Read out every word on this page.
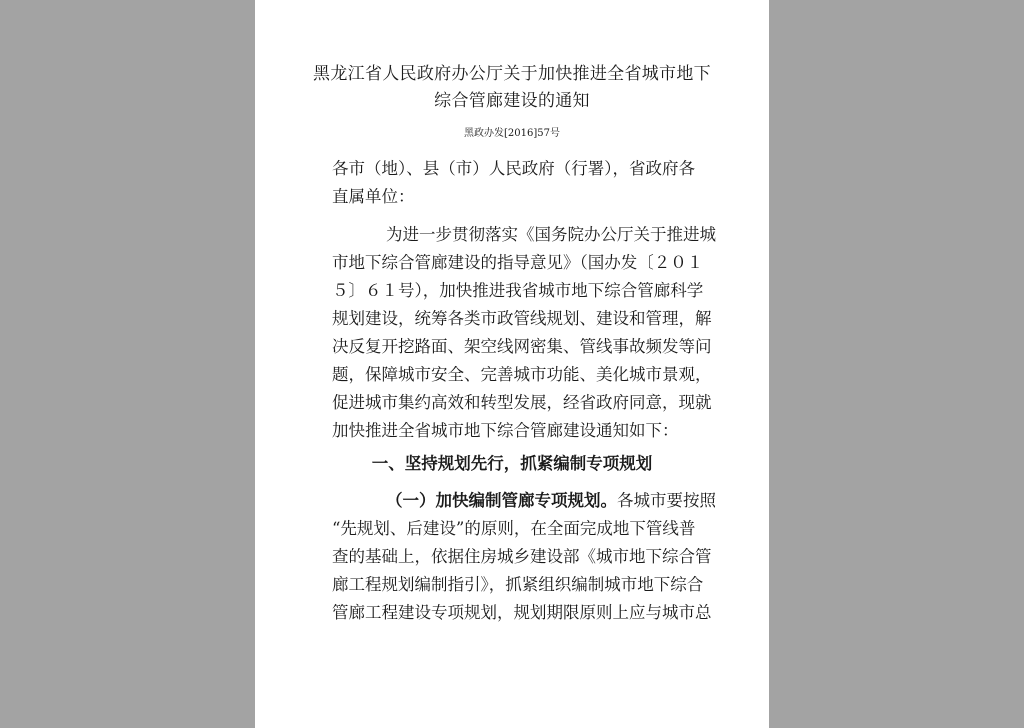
黑龙江省人民政府办公厅关于加快推进全省城市地下
综合管廊建设的通知
黑政办发[2016]57号
各市（地）、县（市）人民政府（行署），省政府各
直属单位：
为进一步贯彻落实《国务院办公厅关于推进城
市地下综合管廊建设的指导意见》（国办发〔２０１
５〕６１号），加快推进我省城市地下综合管廊科学
规划建设，统筹各类市政管线规划、建设和管理，解
决反复开挖路面、架空线网密集、管线事故频发等问
题，保障城市安全、完善城市功能、美化城市景观，
促进城市集约高效和转型发展，经省政府同意，现就
加快推进全省城市地下综合管廊建设通知如下：
一、坚持规划先行，抓紧编制专项规划
（一）加快编制管廊专项规划。各城市要按照
“先规划、后建设”的原则，在全面完成地下管线普
查的基础上，依据住房城乡建设部《城市地下综合管
廊工程规划编制指引》，抓紧组织编制城市地下综合
管廊工程建设专项规划，规划期限原则上应与城市总
